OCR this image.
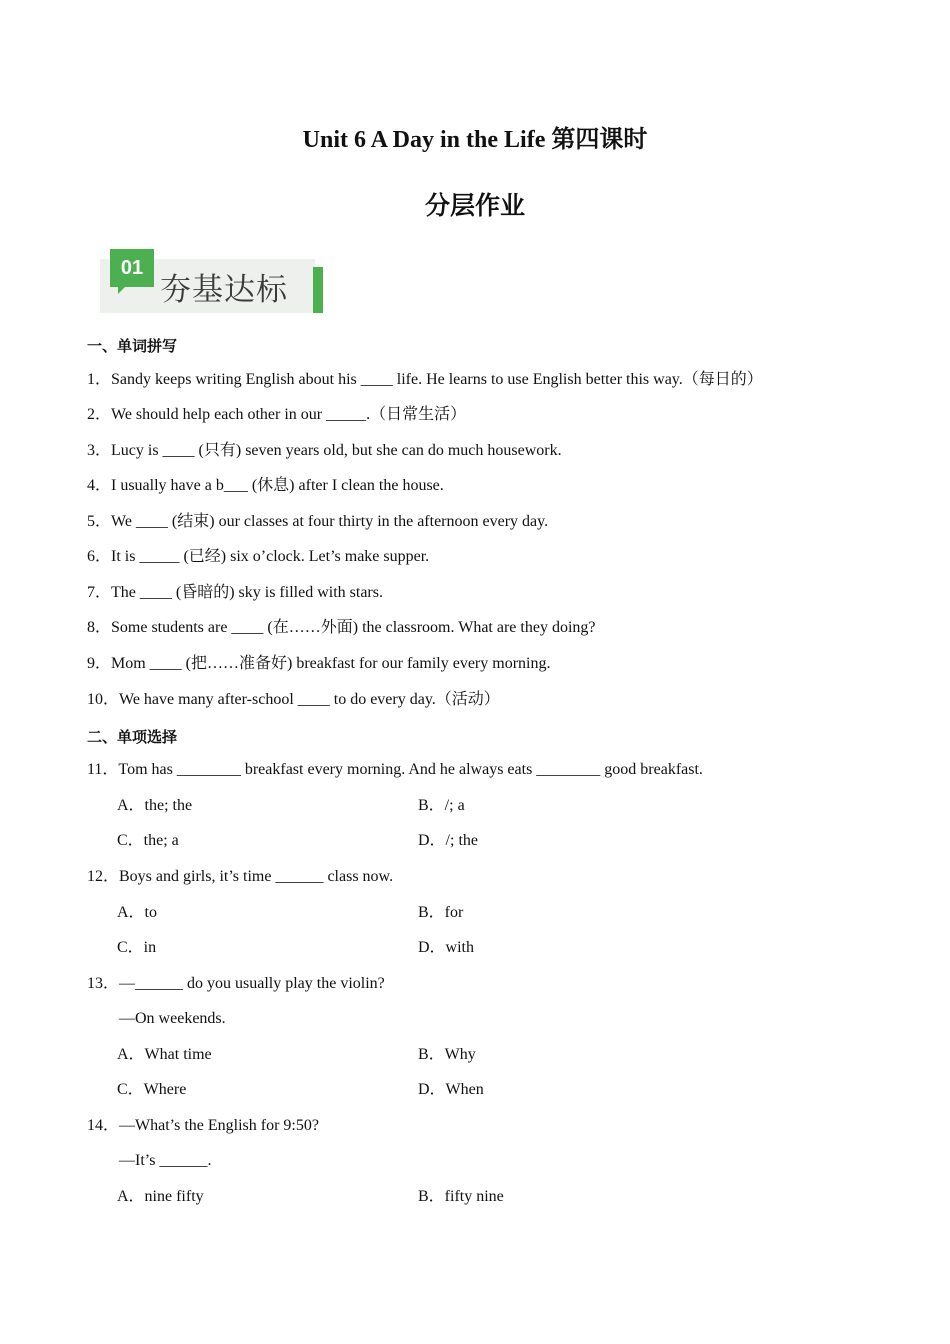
Unit 6 A Day in the Life 第四课时
分层作业
01
夯基达标
一、单词拼写
1．Sandy keeps writing English about his ____ life. He learns to use English better this way.（每日的）
2．We should help each other in our _____.（日常生活）
3．Lucy is ____ (只有) seven years old, but she can do much housework.
4．I usually have a b___ (休息) after I clean the house.
5．We ____ (结束) our classes at four thirty in the afternoon every day.
6．It is _____ (已经) six o’clock. Let’s make supper.
7．The ____ (昏暗的) sky is filled with stars.
8．Some students are ____ (在……外面) the classroom. What are they doing?
9．Mom ____ (把……准备好) breakfast for our family every morning.
10．We have many after-school ____ to do every day.（活动）
二、单项选择
11．Tom has ________ breakfast every morning. And he always eats ________ good breakfast.
A．the; the	B．/; a
C．the; a	D．/; the
12．Boys and girls, it’s time ______ class now.
A．to	B．for
C．in	D．with
13．—______ do you usually play the violin?
—On weekends.
A．What time	B．Why
C．Where	D．When
14．—What’s the English for 9:50?
—It’s ______.
A．nine fifty	B．fifty nine
